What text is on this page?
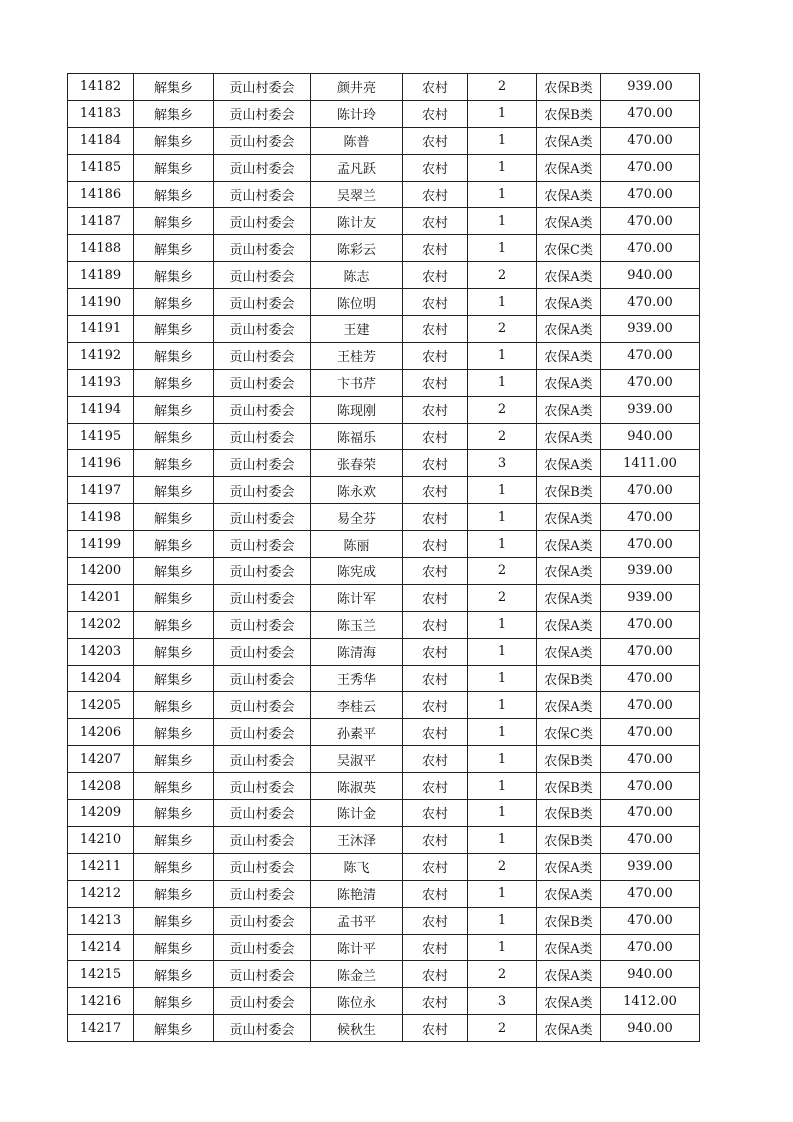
14182	解集乡	贡山村委会	颜井亮	农村	2	农保B类	939.00
14183	解集乡	贡山村委会	陈计玲	农村	1	农保B类	470.00
14184	解集乡	贡山村委会	陈普	农村	1	农保A类	470.00
14185	解集乡	贡山村委会	孟凡跃	农村	1	农保A类	470.00
14186	解集乡	贡山村委会	吴翠兰	农村	1	农保A类	470.00
14187	解集乡	贡山村委会	陈计友	农村	1	农保A类	470.00
14188	解集乡	贡山村委会	陈彩云	农村	1	农保C类	470.00
14189	解集乡	贡山村委会	陈志	农村	2	农保A类	940.00
14190	解集乡	贡山村委会	陈位明	农村	1	农保A类	470.00
14191	解集乡	贡山村委会	王建	农村	2	农保A类	939.00
14192	解集乡	贡山村委会	王桂芳	农村	1	农保A类	470.00
14193	解集乡	贡山村委会	卞书芹	农村	1	农保A类	470.00
14194	解集乡	贡山村委会	陈现刚	农村	2	农保A类	939.00
14195	解集乡	贡山村委会	陈福乐	农村	2	农保A类	940.00
14196	解集乡	贡山村委会	张春荣	农村	3	农保A类	1411.00
14197	解集乡	贡山村委会	陈永欢	农村	1	农保B类	470.00
14198	解集乡	贡山村委会	易全芬	农村	1	农保A类	470.00
14199	解集乡	贡山村委会	陈丽	农村	1	农保A类	470.00
14200	解集乡	贡山村委会	陈宪成	农村	2	农保A类	939.00
14201	解集乡	贡山村委会	陈计军	农村	2	农保A类	939.00
14202	解集乡	贡山村委会	陈玉兰	农村	1	农保A类	470.00
14203	解集乡	贡山村委会	陈清海	农村	1	农保A类	470.00
14204	解集乡	贡山村委会	王秀华	农村	1	农保B类	470.00
14205	解集乡	贡山村委会	李桂云	农村	1	农保A类	470.00
14206	解集乡	贡山村委会	孙素平	农村	1	农保C类	470.00
14207	解集乡	贡山村委会	吴淑平	农村	1	农保B类	470.00
14208	解集乡	贡山村委会	陈淑英	农村	1	农保B类	470.00
14209	解集乡	贡山村委会	陈计金	农村	1	农保B类	470.00
14210	解集乡	贡山村委会	王沐泽	农村	1	农保B类	470.00
14211	解集乡	贡山村委会	陈飞	农村	2	农保A类	939.00
14212	解集乡	贡山村委会	陈艳清	农村	1	农保A类	470.00
14213	解集乡	贡山村委会	孟书平	农村	1	农保B类	470.00
14214	解集乡	贡山村委会	陈计平	农村	1	农保A类	470.00
14215	解集乡	贡山村委会	陈金兰	农村	2	农保A类	940.00
14216	解集乡	贡山村委会	陈位永	农村	3	农保A类	1412.00
14217	解集乡	贡山村委会	候秋生	农村	2	农保A类	940.00
